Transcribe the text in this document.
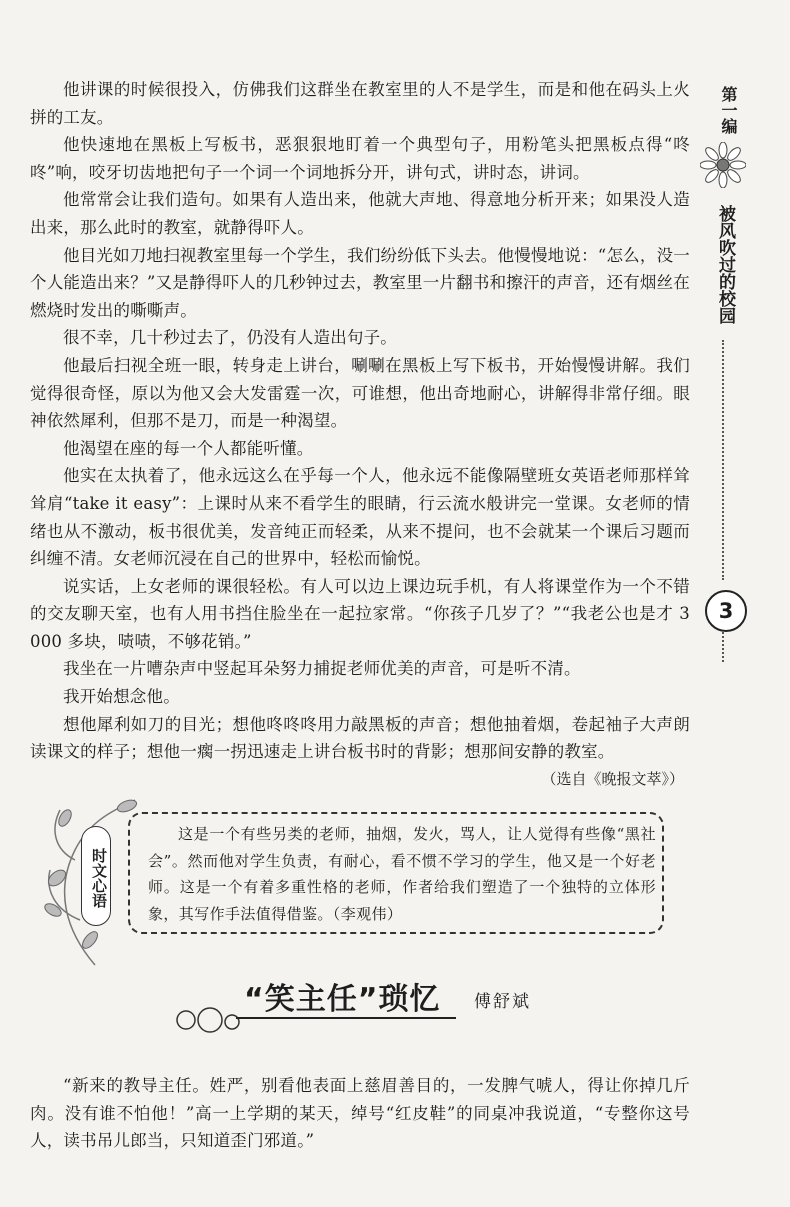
他讲课的时候很投入，仿佛我们这群坐在教室里的人不是学生，而是和他在码头上火拼的工友。

他快速地在黑板上写板书，恶狠狠地盯着一个典型句子，用粉笔头把黑板点得“咚咚”响，咬牙切齿地把句子一个词一个词地拆分开，讲句式，讲时态，讲词。

他常常会让我们造句。如果有人造出来，他就大声地、得意地分析开来；如果没人造出来，那么此时的教室，就静得吓人。

他目光如刀地扫视教室里每一个学生，我们纷纷低下头去。他慢慢地说：“怎么，没一个人能造出来？”又是静得吓人的几秒钟过去，教室里一片翻书和擦汗的声音，还有烟丝在燃烧时发出的嘶嘶声。

很不幸，几十秒过去了，仍没有人造出句子。

他最后扫视全班一眼，转身走上讲台，唰唰在黑板上写下板书，开始慢慢讲解。我们觉得很奇怪，原以为他又会大发雷霆一次，可谁想，他出奇地耐心，讲解得非常仔细。眼神依然犀利，但那不是刀，而是一种渴望。

他渴望在座的每一个人都能听懂。

他实在太执着了，他永远这么在乎每一个人，他永远不能像隔壁班女英语老师那样耸耸肩“take it easy”：上课时从来不看学生的眼睛，行云流水般讲完一堂课。女老师的情绪也从不激动，板书很优美，发音纯正而轻柔，从来不提问，也不会就某一个课后习题而纠缠不清。女老师沉浸在自己的世界中，轻松而愉悦。

说实话，上女老师的课很轻松。有人可以边上课边玩手机，有人将课堂作为一个不错的交友聊天室，也有人用书挡住脸坐在一起拉家常。“你孩子几岁了？”“我老公也是才 3 000 多块，啧啧，不够花销。”

我坐在一片嘈杂声中竖起耳朵努力捕捉老师优美的声音，可是听不清。

我开始想念他。

想他犀利如刀的目光；想他咚咚咚用力敲黑板的声音；想他抽着烟，卷起袖子大声朗读课文的样子；想他一瘸一拐迅速走上讲台板书时的背影；想那间安静的教室。

（选自《晚报文萃》）

第一编
被风吹过的校园
3
时文心语

这是一个有些另类的老师，抽烟，发火，骂人，让人觉得有些像“黑社会”。然而他对学生负责，有耐心，看不惯不学习的学生，他又是一个好老师。这是一个有着多重性格的老师，作者给我们塑造了一个独特的立体形象，其写作手法值得借鉴。（李观伟）

“笑主任”琐忆 傅舒斌

“新来的教导主任。姓严，别看他表面上慈眉善目的，一发脾气唬人，得让你掉几斤肉。没有谁不怕他！”高一上学期的某天，绰号“红皮鞋”的同桌冲我说道，“专整你这号人，读书吊儿郎当，只知道歪门邪道。”
